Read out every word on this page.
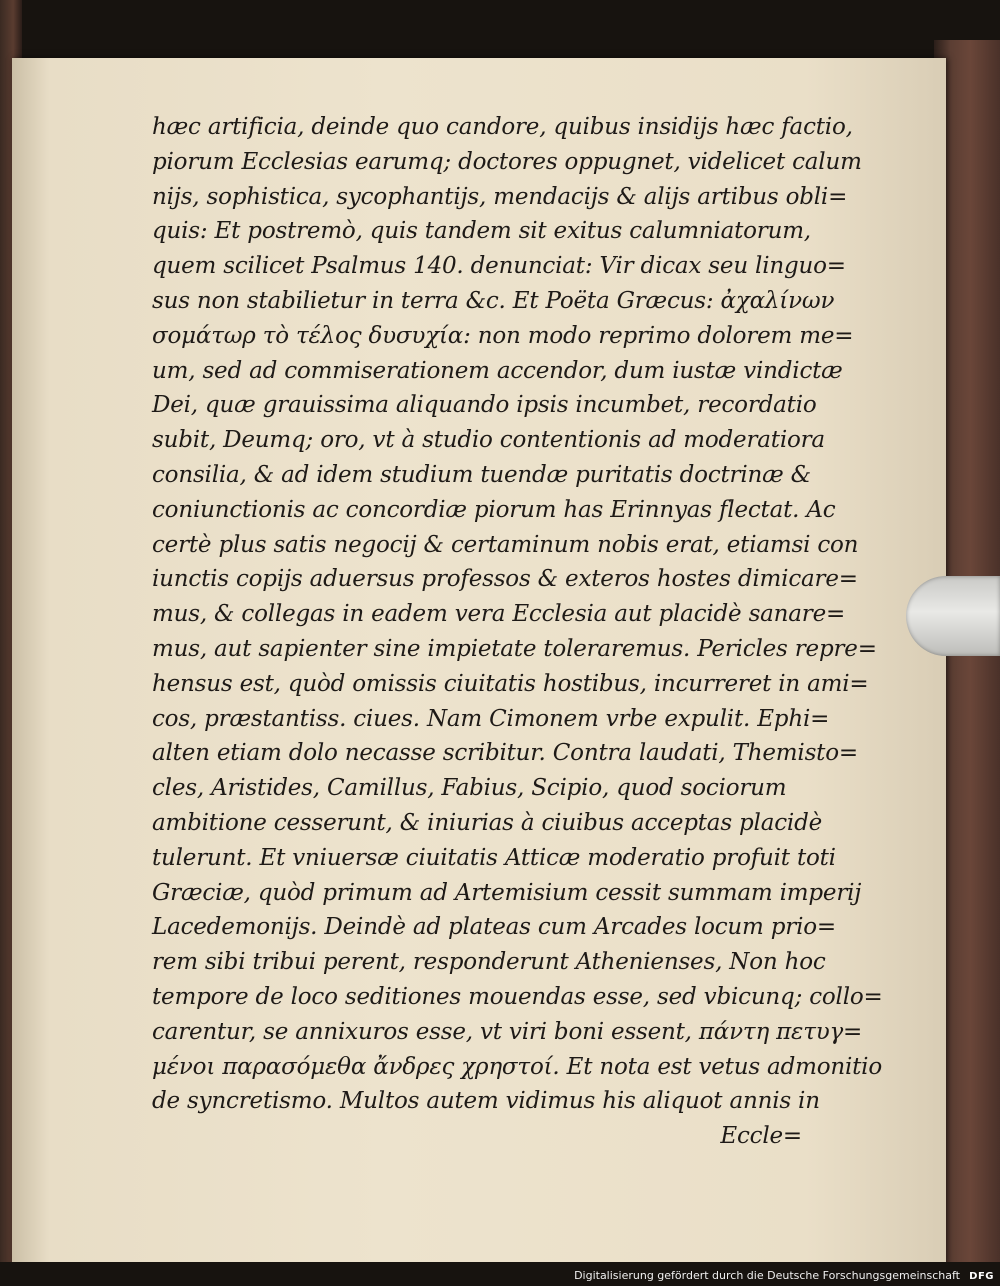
hæc artificia, deinde quo candore, quibus insidijs hæc factio,
piorum Ecclesias earumq; doctores oppugnet, videlicet calum
nijs, sophistica, sycophantijs, mendacijs & alijs artibus obli=
quis: Et postremò, quis tandem sit exitus calumniatorum,
quem scilicet Psalmus 140. denunciat: Vir dicax seu linguo=
sus non stabilietur in terra &c. Et Poëta Græcus: ἀχαλίνων
σομάτωρ τὸ τέλος δυσυχία: non modo reprimo dolorem me=
um, sed ad commiserationem accendor, dum iustæ vindictæ
Dei, quæ grauissima aliquando ipsis incumbet, recordatio
subit, Deumq; oro, vt à studio contentionis ad moderatiora
consilia, & ad idem studium tuendæ puritatis doctrinæ &
coniunctionis ac concordiæ piorum has Erinnyas flectat. Ac
certè plus satis negocij & certaminum nobis erat, etiamsi con
iunctis copijs aduersus professos & exteros hostes dimicare=
mus, & collegas in eadem vera Ecclesia aut placidè sanare=
mus, aut sapienter sine impietate toleraremus. Pericles repre=
hensus est, quòd omissis ciuitatis hostibus, incurreret in ami=
cos, præstantiss. ciues. Nam Cimonem vrbe expulit. Ephi=
alten etiam dolo necasse scribitur. Contra laudati, Themisto=
cles, Aristides, Camillus, Fabius, Scipio, quod sociorum
ambitione cesserunt, & iniurias à ciuibus acceptas placidè
tulerunt. Et vniuersæ ciuitatis Atticæ moderatio profuit toti
Græciæ, quòd primum ad Artemisium cessit summam imperij
Lacedemonijs. Deindè ad plateas cum Arcades locum prio=
rem sibi tribui perent, responderunt Athenienses, Non hoc
tempore de loco seditiones mouendas esse, sed vbicunq; collo=
carentur, se annixuros esse, vt viri boni essent, πάντη πετυγ=
μένοι παρασόμεθα ἄνδρες χρηστοί. Et nota est vetus admonitio
de syncretismo. Multos autem vidimus his aliquot annis in
Eccle=
Digitalisierung gefördert durch die Deutsche Forschungsgemeinschaft DFG
